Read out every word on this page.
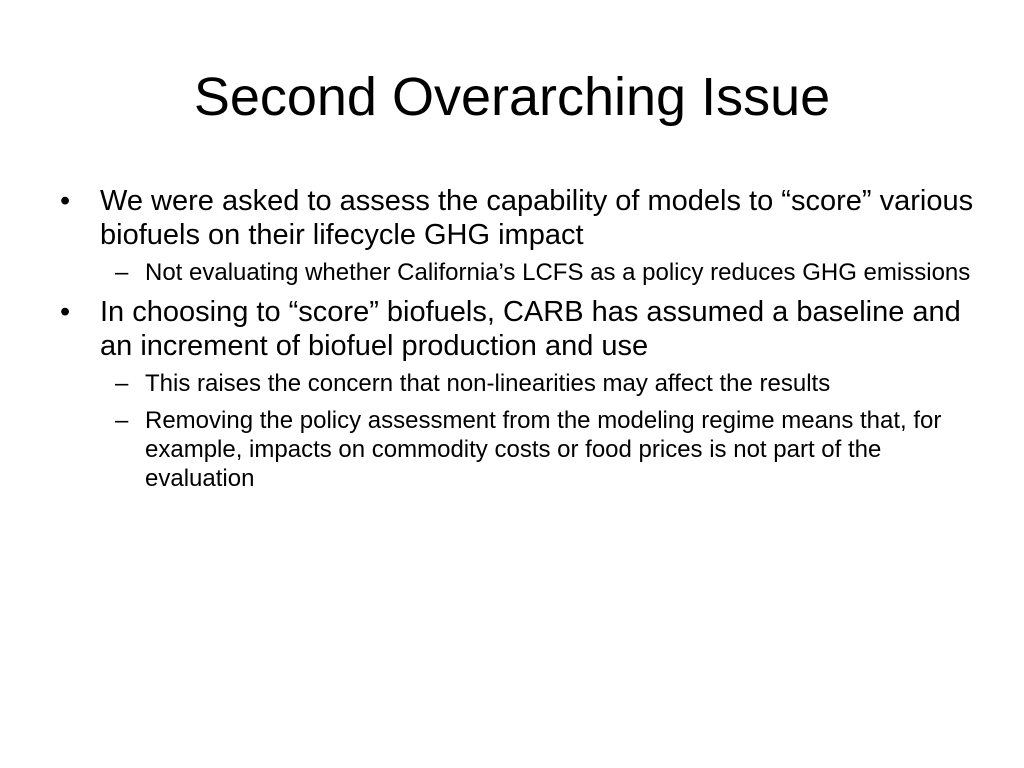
Second Overarching Issue
•	We were asked to assess the capability of models to “score” various biofuels on their lifecycle GHG impact
– Not evaluating whether California’s LCFS as a policy reduces GHG emissions
•	In choosing to “score” biofuels, CARB has assumed a baseline and an increment of biofuel production and use
– This raises the concern that non-linearities may affect the results
– Removing the policy assessment from the modeling regime means that, for example, impacts on commodity costs or food prices is not part of the evaluation
